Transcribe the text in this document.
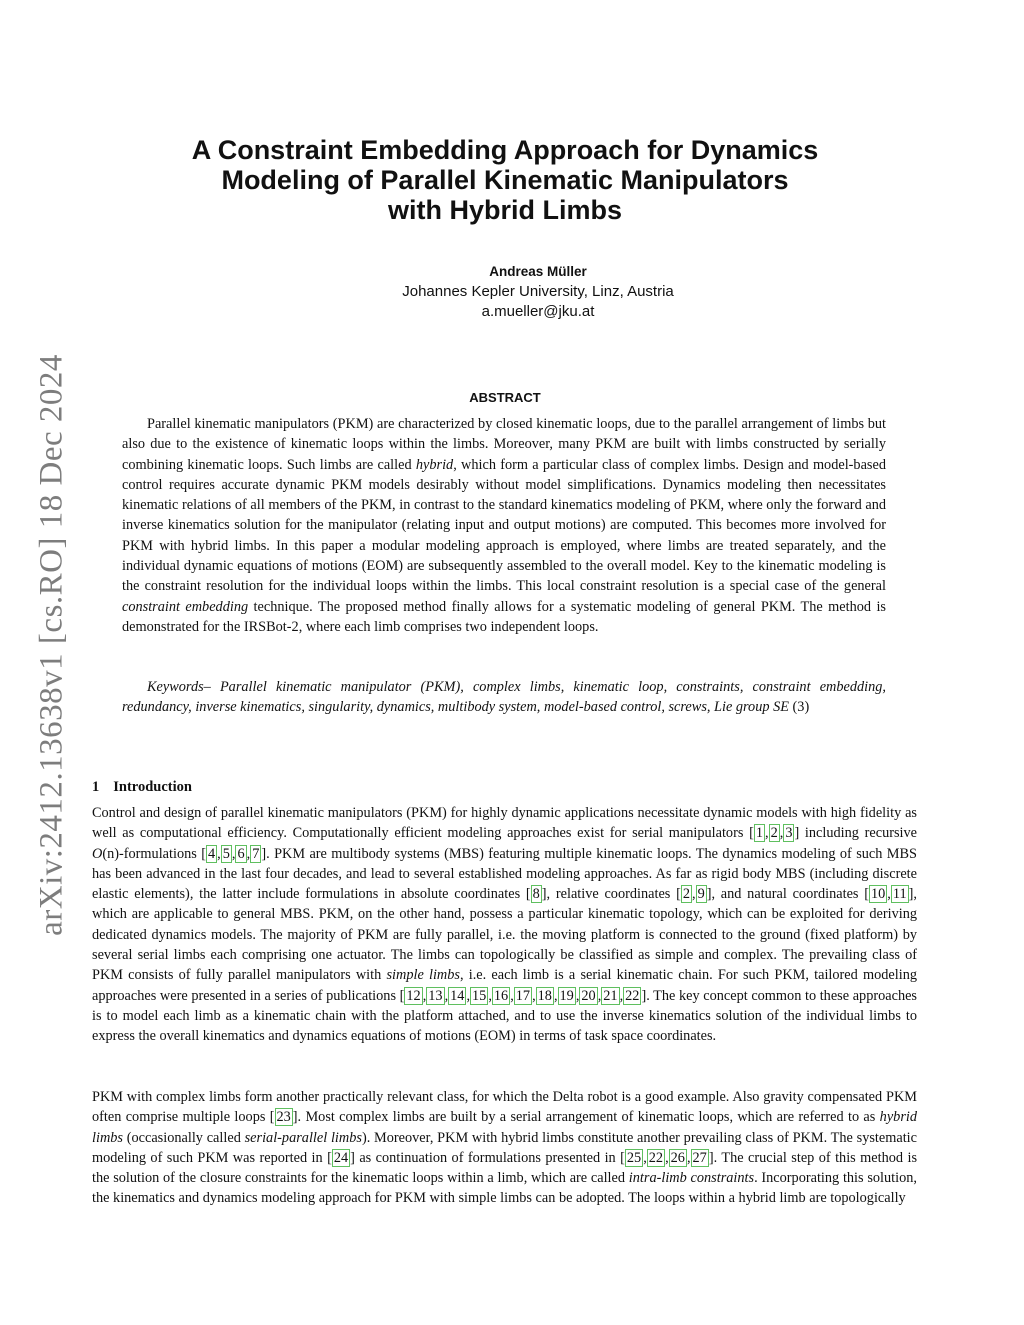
arXiv:2412.13638v1 [cs.RO] 18 Dec 2024
A Constraint Embedding Approach for Dynamics
Modeling of Parallel Kinematic Manipulators
with Hybrid Limbs
Andreas Müller
Johannes Kepler University, Linz, Austria
a.mueller@jku.at
ABSTRACT

Parallel kinematic manipulators (PKM) are characterized by closed kinematic loops, due to the parallel arrangement of limbs but also due to the existence of kinematic loops within the limbs. Moreover, many PKM are built with limbs constructed by serially combining kinematic loops. Such limbs are called hybrid, which form a particular class of complex limbs. Design and model-based control requires accurate dynamic PKM models desirably without model simplifications. Dynamics modeling then necessitates kinematic relations of all members of the PKM, in contrast to the standard kinematics modeling of PKM, where only the forward and inverse kinematics solution for the manipulator (relating input and output motions) are computed. This becomes more involved for PKM with hybrid limbs. In this paper a modular modeling approach is employed, where limbs are treated separately, and the individual dynamic equations of motions (EOM) are subsequently assembled to the overall model. Key to the kinematic modeling is the constraint resolution for the individual loops within the limbs. This local constraint resolution is a special case of the general constraint embedding technique. The proposed method finally allows for a systematic modeling of general PKM. The method is demonstrated for the IRSBot-2, where each limb comprises two independent loops.

Keywords– Parallel kinematic manipulator (PKM), complex limbs, kinematic loop, constraints, constraint embedding, redundancy, inverse kinematics, singularity, dynamics, multibody system, model-based control, screws, Lie group SE (3)

1 Introduction

Control and design of parallel kinematic manipulators (PKM) for highly dynamic applications necessitate dynamic models with high fidelity as well as computational efficiency. Computationally efficient modeling approaches exist for serial manipulators [ 1 , 2 , 3 ] including recursive O(n)-formulations [ 4 , 5 , 6 , 7 ]. PKM are multibody systems (MBS) featuring multiple kinematic loops. The dynamics modeling of such MBS has been advanced in the last four decades, and lead to several established modeling approaches. As far as rigid body MBS (including discrete elastic elements), the latter include formulations in absolute coordinates [ 8 ], relative coordinates [ 2 , 9 ], and natural coordinates [ 10 , 11 ], which are applicable to general MBS. PKM, on the other hand, possess a particular kinematic topology, which can be exploited for deriving dedicated dynamics models. The majority of PKM are fully parallel, i.e. the moving platform is connected to the ground (fixed platform) by several serial limbs each comprising one actuator. The limbs can topologically be classified as simple and complex. The prevailing class of PKM consists of fully parallel manipulators with simple limbs, i.e. each limb is a serial kinematic chain. For such PKM, tailored modeling approaches were presented in a series of publications [ 12 , 13 , 14 , 15 , 16 , 17 , 18 , 19 , 20 , 21 , 22 ]. The key concept common to these approaches is to model each limb as a kinematic chain with the platform attached, and to use the inverse kinematics solution of the individual limbs to express the overall kinematics and dynamics equations of motions (EOM) in terms of task space coordinates.

PKM with complex limbs form another practically relevant class, for which the Delta robot is a good example. Also gravity compensated PKM often comprise multiple loops [ 23 ]. Most complex limbs are built by a serial arrangement of kinematic loops, which are referred to as hybrid limbs (occasionally called serial-parallel limbs). Moreover, PKM with hybrid limbs constitute another prevailing class of PKM. The systematic modeling of such PKM was reported in [ 24 ] as continuation of formulations presented in [ 25 , 22 , 26 , 27 ]. The crucial step of this method is the solution of the closure constraints for the kinematic loops within a limb, which are called intra-limb constraints. Incorporating this solution, the kinematics and dynamics modeling approach for PKM with simple limbs can be adopted. The loops within a hybrid limb are topologically
